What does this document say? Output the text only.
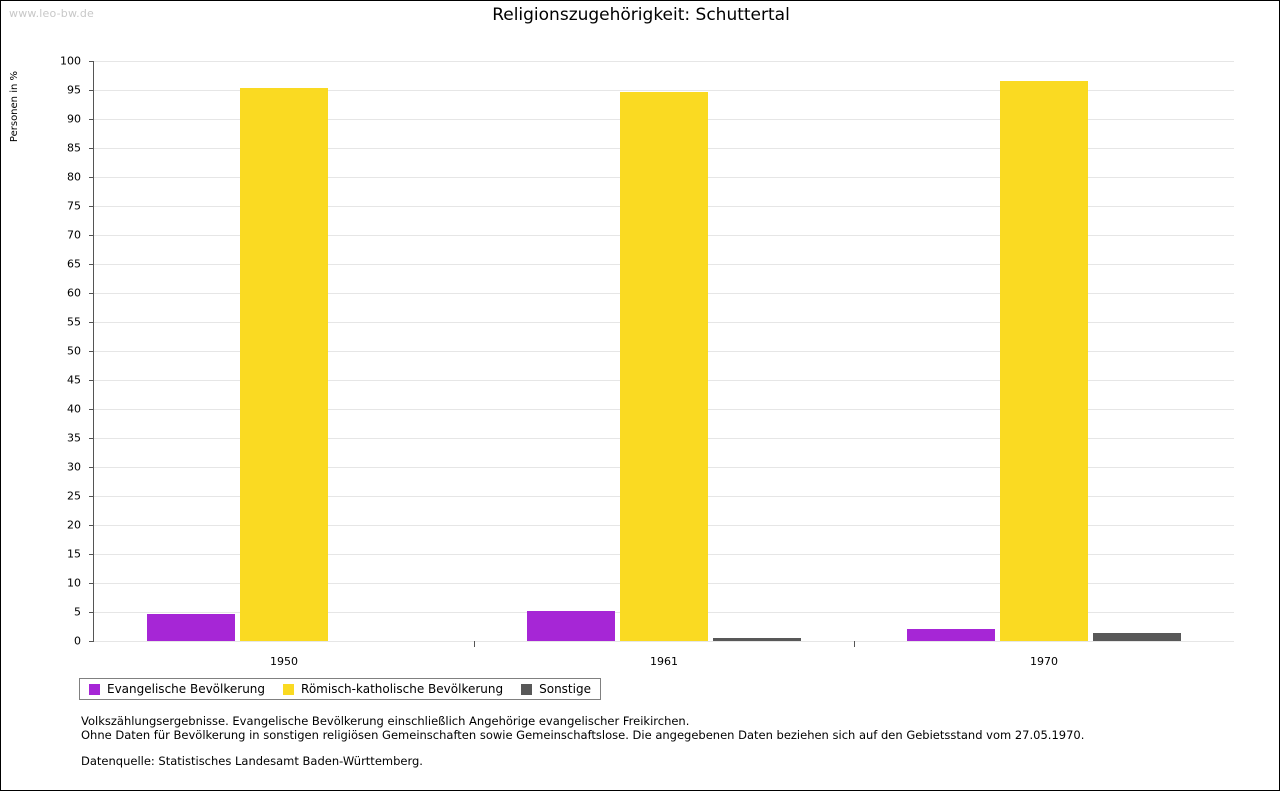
www.leo-bw.de	Religionszugehörigkeit: Schuttertal
Personen in %
1950	1961	1970
0
5
10
15
20
25
30
35
40
45
50
55
60
65
70
75
80
85
90
95
100
Evangelische Bevölkerung	Römisch-katholische Bevölkerung	Sonstige
Volkszählungsergebnisse. Evangelische Bevölkerung einschließlich Angehörige evangelischer Freikirchen.
Ohne Daten für Bevölkerung in sonstigen religiösen Gemeinschaften sowie Gemeinschaftslose. Die angegebenen Daten beziehen sich auf den Gebietsstand vom 27.05.1970.
Datenquelle: Statistisches Landesamt Baden-Württemberg.
